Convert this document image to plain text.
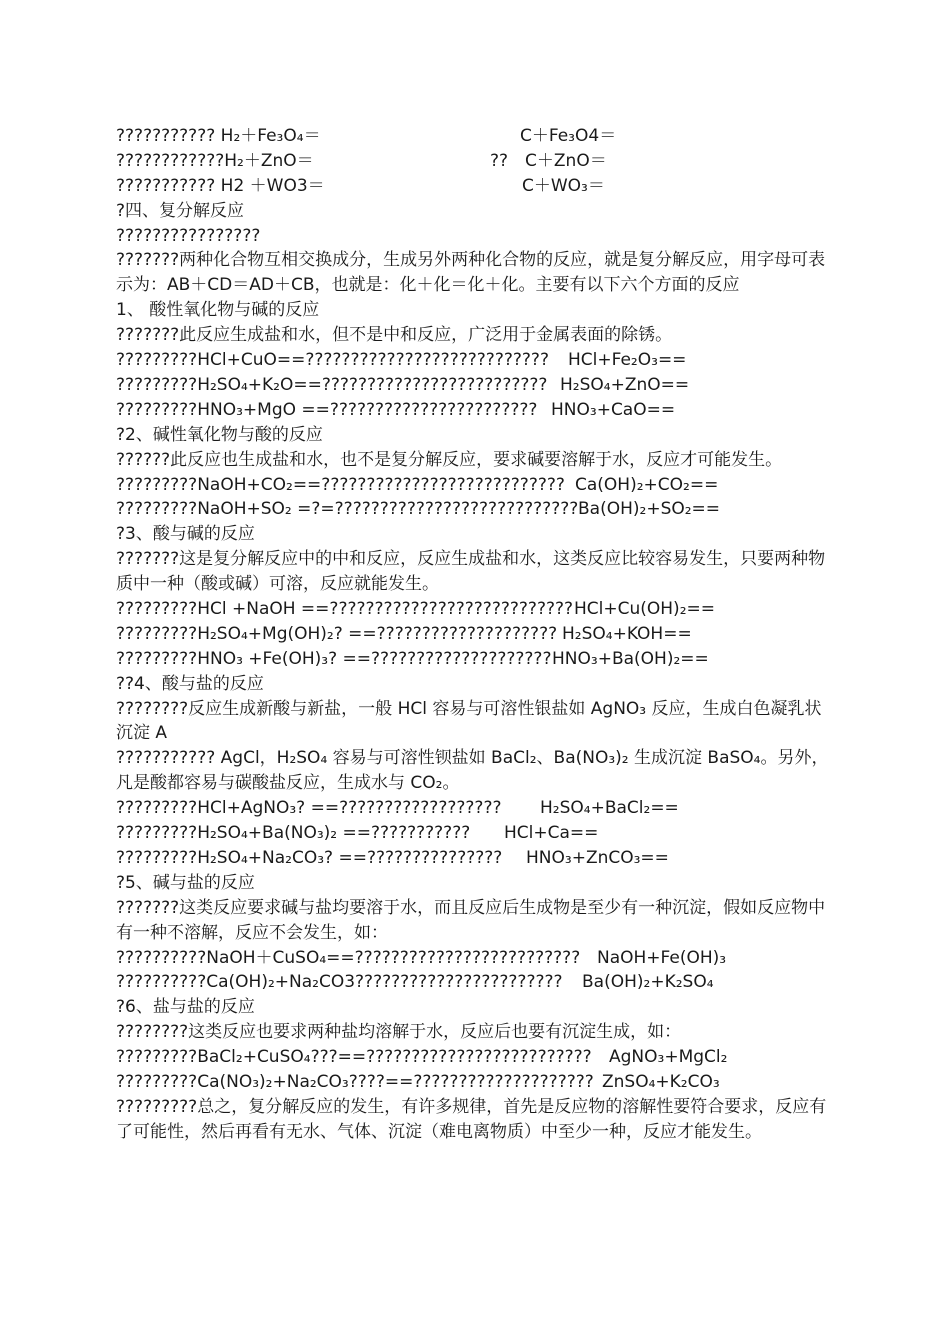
??????????? H₂＋Fe₃O₄＝	C＋Fe₃O4＝
????????????H₂＋ZnO＝	??　C＋ZnO＝
??????????? H2 ＋WO3＝	C＋WO₃＝
?四、复分解反应
????????????????
???????两种化合物互相交换成分，生成另外两种化合物的反应，就是复分解反应，用字母可表示为：AB＋CD＝AD＋CB，也就是：化＋化＝化＋化。主要有以下六个方面的反应
1、 酸性氧化物与碱的反应
???????此反应生成盐和水，但不是中和反应，广泛用于金属表面的除锈。
?????????HCl+CuO==??????????????????????????? HCl+Fe₂O₃==
?????????H₂SO₄+K₂O==????????????????????????? H₂SO₄+ZnO==
?????????HNO₃+MgO ==??????????????????????? HNO₃+CaO==
?2、碱性氧化物与酸的反应
??????此反应也生成盐和水，也不是复分解反应，要求碱要溶解于水，反应才可能发生。
?????????NaOH+CO₂==??????????????????????????? Ca(OH)₂+CO₂==
?????????NaOH+SO₂ =?=??????????????????????????? Ba(OH)₂+SO₂==
?3、酸与碱的反应
???????这是复分解反应中的中和反应，反应生成盐和水，这类反应比较容易发生，只要两种物质中一种（酸或碱）可溶，反应就能发生。
?????????HCl +NaOH ==??????????????????????????? HCl+Cu(OH)₂==
?????????H₂SO₄+Mg(OH)₂? ==???????????????????? H₂SO₄+KOH==
?????????HNO₃ +Fe(OH)₃? ==???????????????????? HNO₃+Ba(OH)₂==
??4、酸与盐的反应
????????反应生成新酸与新盐，一般 HCl 容易与可溶性银盐如 AgNO₃ 反应，生成白色凝乳状沉淀 A
??????????? AgCl，H₂SO₄ 容易与可溶性钡盐如 BaCl₂、Ba(NO₃)₂ 生成沉淀 BaSO₄。另外，凡是酸都容易与碳酸盐反应，生成水与 CO₂。
?????????HCl+AgNO₃? ==?????????????????? H₂SO₄+BaCl₂==
?????????H₂SO₄+Ba(NO₃)₂ ==??????????? HCl+Ca==
?????????H₂SO₄+Na₂CO₃? ==??????????????? HNO₃+ZnCO₃==
?5、碱与盐的反应
???????这类反应要求碱与盐均要溶于水，而且反应后生成物是至少有一种沉淀，假如反应物中有一种不溶解，反应不会发生，如：
??????????NaOH＋CuSO₄==????????????????????????? NaOH+Fe(OH)₃
??????????Ca(OH)₂+Na₂CO3??????????????????????? Ba(OH)₂+K₂SO₄
?6、盐与盐的反应
????????这类反应也要求两种盐均溶解于水，反应后也要有沉淀生成，如：
?????????BaCl₂+CuSO₄???==????????????????????????? AgNO₃+MgCl₂
?????????Ca(NO₃)₂+Na₂CO₃????==???????????????????? ZnSO₄+K₂CO₃
?????????总之，复分解反应的发生，有许多规律，首先是反应物的溶解性要符合要求，反应有了可能性，然后再看有无水、气体、沉淀（难电离物质）中至少一种，反应才能发生。
